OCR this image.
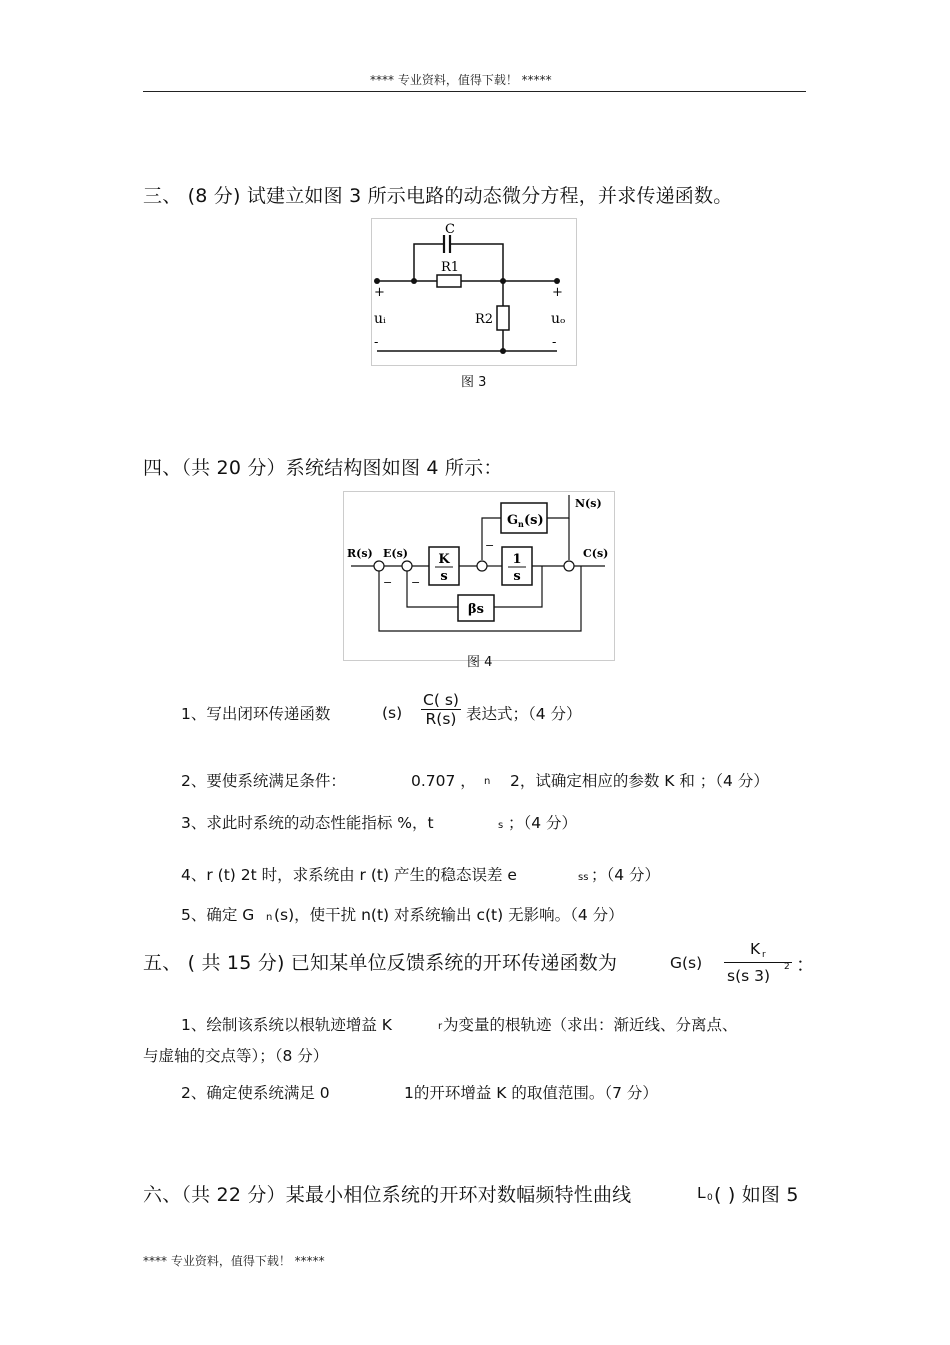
**** 专业资料，值得下载！ *****
三、 (8 分) 试建立如图 3 所示电路的动态微分方程，并求传递函数。
C
R1
R2
+	+
uᵢ	uₒ
-	-
图 3
四、（共 20 分）系统结构图如图 4 所示：
G n (s)
N(s)
−
R(s) E(s) K
s
1
s
C(s)
βs
−
−
图 4
1、写出闭环传递函数	(s)
C( s)
R(s) 表达式；（4 分）
2、要使系统满足条件：	0.707 ， n 2，试确定相应的参数 K 和 ；（4 分）
3、求此时系统的动态性能指标 %，t	s ；（4 分）
4、r (t) 2t 时，求系统由 r (t) 产生的稳态误差 e	ss ；（4 分）
5、确定 G n (s)，使干扰 n(t) 对系统输出 c(t) 无影响。（4 分）
五、 ( 共 15 分) 已知某单位反馈系统的开环传递函数为	G(s)
K r
s(s 3) 2 ：
1、绘制该系统以根轨迹增益 K	r 为变量的根轨迹（求出：渐近线、分离点、
与虚轴的交点等）；（8 分）
2、确定使系统满足 0	1的开环增益 K 的取值范围。（7 分）
六、（共 22 分）某最小相位系统的开环对数幅频特性曲线	L 0 ( ) 如图 5
**** 专业资料，值得下载！ *****
